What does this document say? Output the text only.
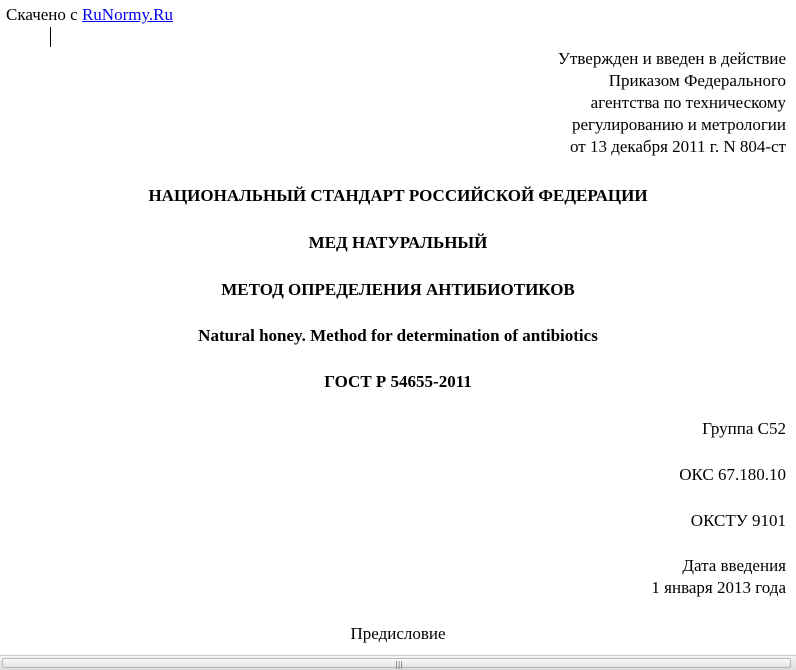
Скачено с RuNormy.Ru
Утвержден и введен в действие
Приказом Федерального
агентства по техническому
регулированию и метрологии
от 13 декабря 2011 г. N 804-ст
НАЦИОНАЛЬНЫЙ СТАНДАРТ РОССИЙСКОЙ ФЕДЕРАЦИИ
МЕД НАТУРАЛЬНЫЙ
МЕТОД ОПРЕДЕЛЕНИЯ АНТИБИОТИКОВ
Natural honey. Method for determination of antibiotics
ГОСТ Р 54655-2011
Группа С52
ОКС 67.180.10
ОКСТУ 9101
Дата введения
1 января 2013 года
Предисловие
|||
